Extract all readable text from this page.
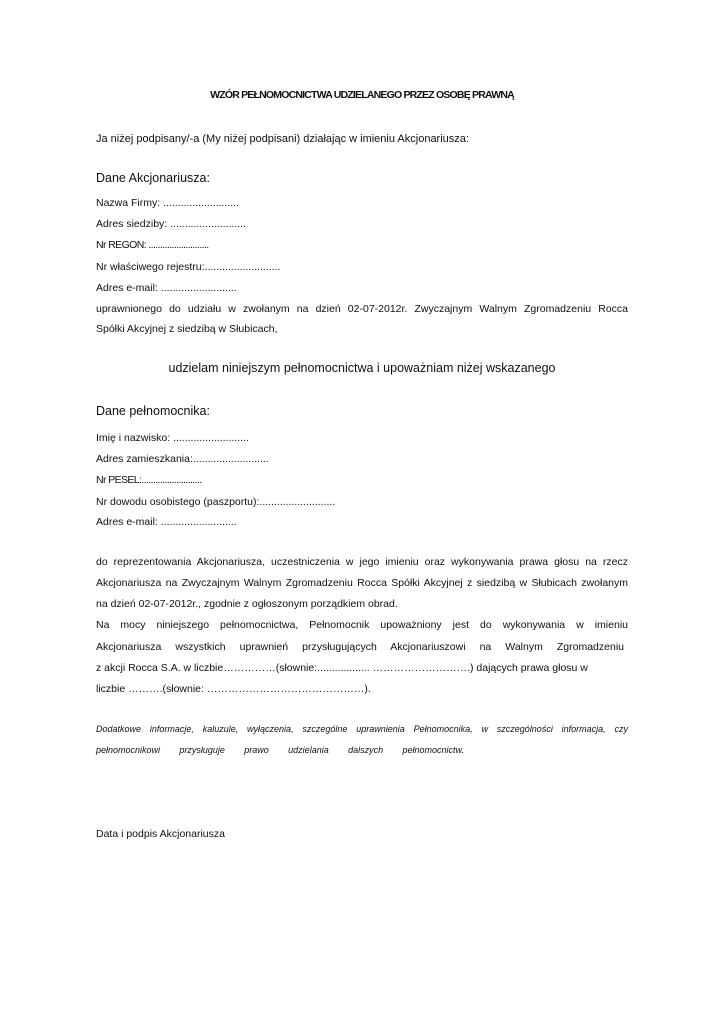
WZÓR PEŁNOMOCNICTWA UDZIELANEGO PRZEZ OSOBĘ PRAWNĄ
Ja niżej podpisany/-a (My niżej podpisani) działając w imieniu Akcjonariusza:
Dane Akcjonariusza:
Nazwa Firmy: ..........................
Adres siedziby: ..........................
Nr REGON: ..........................
Nr właściwego rejestru:..........................
Adres e-mail: ..........................
uprawnionego do udziału w zwołanym na dzień 02-07-2012r. Zwyczajnym Walnym Zgromadzeniu Rocca
Spółki Akcyjnej z siedzibą w Słubicach,
udzielam niniejszym pełnomocnictwa i upoważniam niżej wskazanego
Dane pełnomocnika:
Imię i nazwisko: ..........................
Adres zamieszkania:..........................
Nr PESEL:..........................
Nr dowodu osobistego (paszportu):..........................
Adres e-mail: ..........................
do reprezentowania Akcjonariusza, uczestniczenia w jego imieniu oraz wykonywania prawa głosu na rzecz
Akcjonariusza na Zwyczajnym Walnym Zgromadzeniu Rocca Spółki Akcyjnej z siedzibą w Słubicach zwołanym
na dzień 02-07-2012r., zgodnie z ogłoszonym porządkiem obrad.
Na mocy niniejszego pełnomocnictwa, Pełnomocnik upoważniony jest do wykonywania w imieniu
Akcjonariusza wszystkich uprawnień przysługujących Akcjonariuszowi na Walnym Zgromadzeniu
z akcji Rocca S.A. w liczbie……………(słownie:.................. ……………………….) dających prawa głosu w
liczbie ……….(słownie: ………………………………………).
Dodatkowe informacje, kaluzule, wyłączenia, szczególne uprawnienia Pełnomocnika, w szczególności informacja, czy
pełnomocnikowi przysługuje prawo udzielania dalszych pełnomocnictw.
Data i podpis Akcjonariusza
